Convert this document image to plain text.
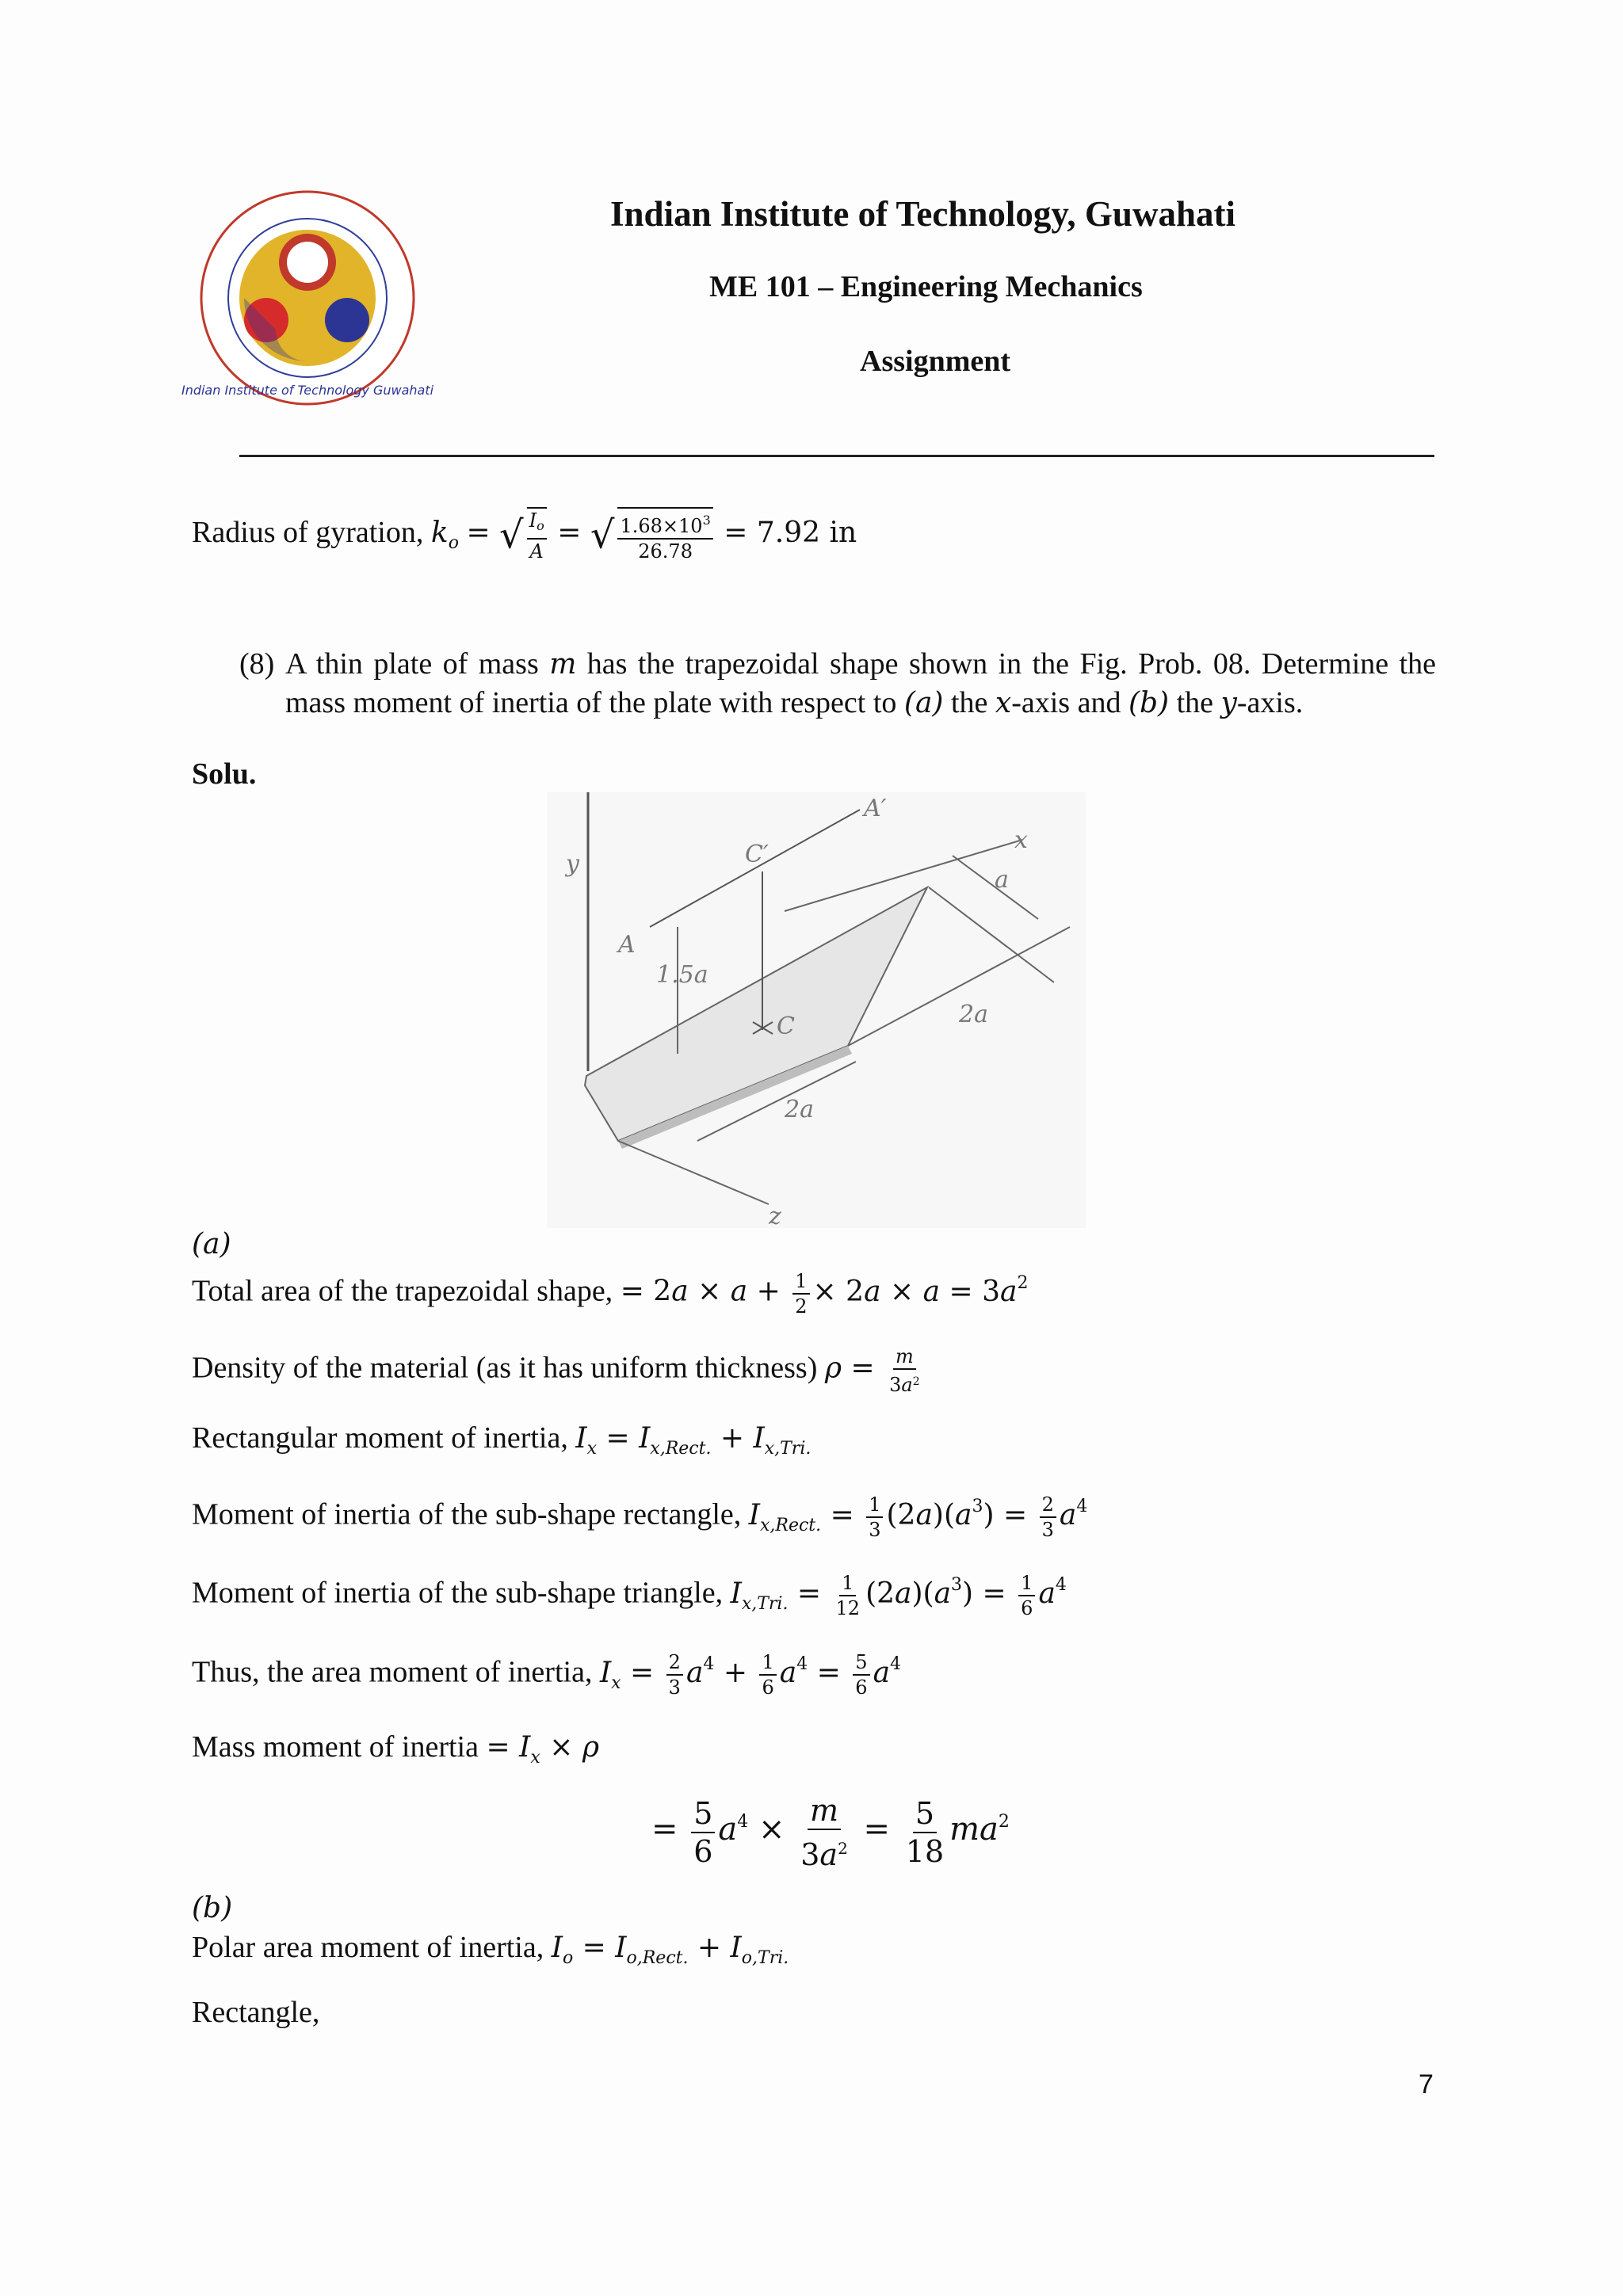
Indian Institute of Technology Guwahati
Indian Institute of Technology, Guwahati
ME 101 – Engineering Mechanics
Assignment
Radius of gyration, $k_o$ = √ $\frac{I_o}{A}$ = √ $\frac{1.68\times 10^3}{26.78} = 7.92$ in
(8) A thin plate of mass m has the trapezoidal shape shown in the Fig. Prob. 08. Determine the mass moment of inertia of the plate with respect to (a) the x-axis and (b) the y-axis.
Solu.
y
A′
C′
x
a
A
1.5a
C	2a
2a
z
(a)
Total area of the trapezoidal shape, = $2a \times a + \frac{1}{2} \times 2a \times a = 3a^2$
Density of the material (as it has uniform thickness) $\rho = \frac{m}{3a^2}$
Rectangular moment of inertia, $I_x = I_{x,Rect.} + I_{x,Tri.}$
Moment of inertia of the sub-shape rectangle, $I_{x,Rect.} = \frac{1}{3} (2a)(a^3) = \frac{2}{3} a^4$
Moment of inertia of the sub-shape triangle, $I_{x,Tri.} = \frac{1}{12} (2a)(a^3) = \frac{1}{6} a^4$
Thus, the area moment of inertia, $I_x = \frac{2}{3} a^4 + \frac{1}{6} a^4 = \frac{5}{6} a^4$
Mass moment of inertia = $I_x \times \rho$
= $\frac{5}{6} a^4 \times \frac{m}{3a^2} = \frac{5}{18} ma^2$
(b)
Polar area moment of inertia, $I_o = I_{o,Rect.} + I_{o,Tri.}$
Rectangle,
7
